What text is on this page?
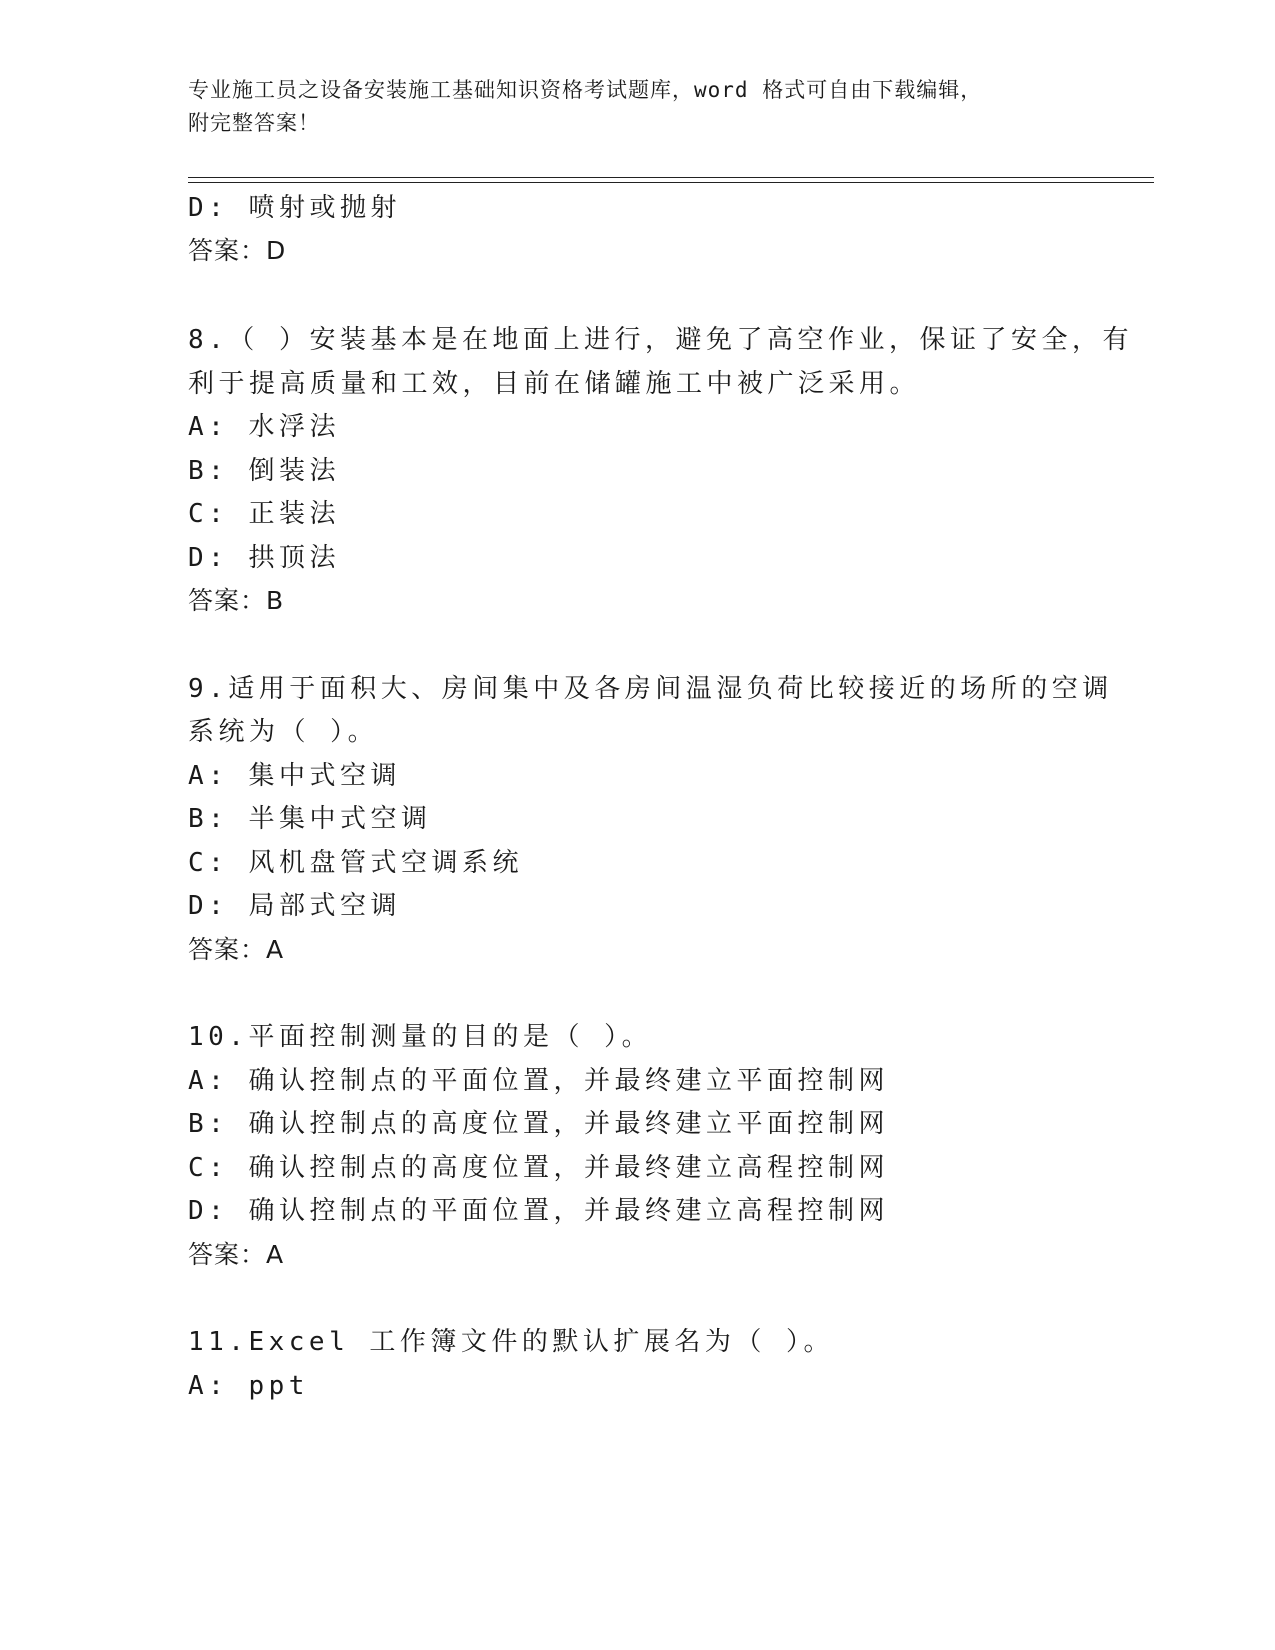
专业施工员之设备安装施工基础知识资格考试题库，word 格式可自由下载编辑，
附完整答案！
D: 喷射或抛射
答案：D
8.（ ）安装基本是在地面上进行，避免了高空作业，保证了安全，有
利于提高质量和工效，目前在储罐施工中被广泛采用。
A: 水浮法
B: 倒装法
C: 正装法
D: 拱顶法
答案：B
9.适用于面积大、房间集中及各房间温湿负荷比较接近的场所的空调
系统为（ ）。
A: 集中式空调
B: 半集中式空调
C: 风机盘管式空调系统
D: 局部式空调
答案：A
10.平面控制测量的目的是（ ）。
A: 确认控制点的平面位置，并最终建立平面控制网
B: 确认控制点的高度位置，并最终建立平面控制网
C: 确认控制点的高度位置，并最终建立高程控制网
D: 确认控制点的平面位置，并最终建立高程控制网
答案：A
11.Excel 工作簿文件的默认扩展名为（ ）。
A: ppt
